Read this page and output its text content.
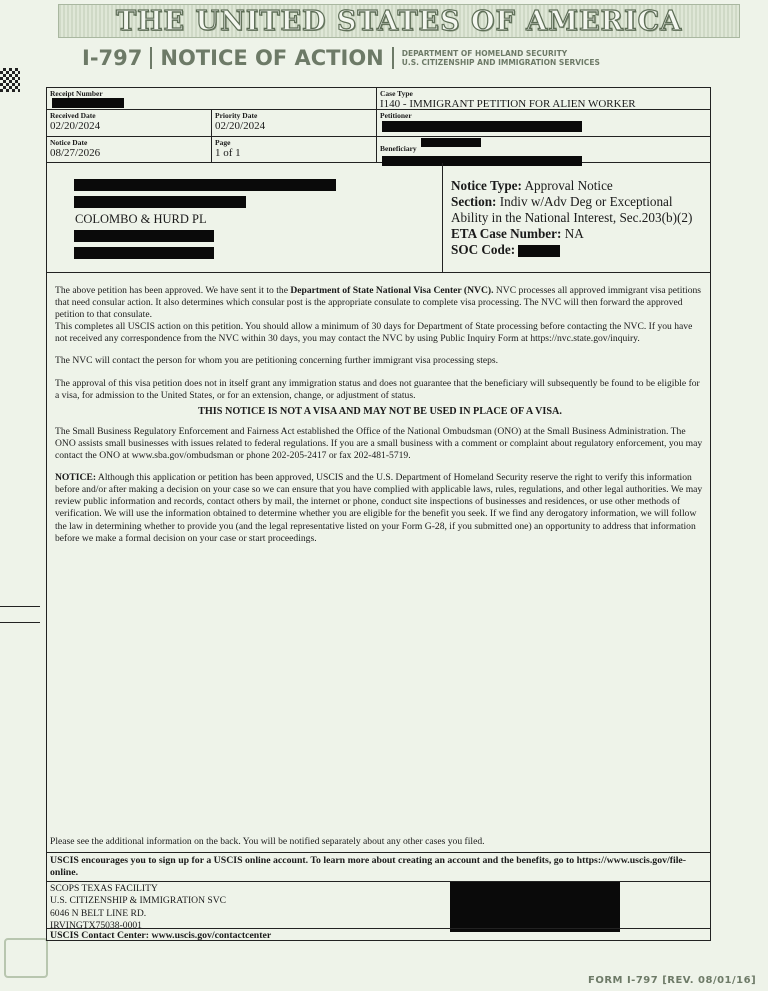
THE UNITED STATES OF AMERICA
I-797 NOTICE OF ACTION DEPARTMENT OF HOMELAND SECURITY
U.S. CITIZENSHIP AND IMMIGRATION SERVICES
Receipt Number	Case Type
I140 - IMMIGRANT PETITION FOR ALIEN WORKER
Received Date
02/20/2024
Priority Date
02/20/2024
Petitioner
Notice Date
08/27/2026
Page
1 of 1	Beneficiary
COLOMBO & HURD PL
Notice Type: Approval Notice
Section: Indiv w/Adv Deg or Exceptional
Ability in the National Interest, Sec.203(b)(2)
ETA Case Number: NA
SOC Code:

The above petition has been approved. We have sent it to the Department of State National Visa Center (NVC). NVC processes all approved immigrant visa petitions that need consular action. It also determines which consular post is the appropriate consulate to complete visa processing. The NVC will then forward the approved petition to that consulate.

This completes all USCIS action on this petition. You should allow a minimum of 30 days for Department of State processing before contacting the NVC. If you have not received any correspondence from the NVC within 30 days, you may contact the NVC by using Public Inquiry Form at https://nvc.state.gov/inquiry.

The NVC will contact the person for whom you are petitioning concerning further immigrant visa processing steps.

The approval of this visa petition does not in itself grant any immigration status and does not guarantee that the beneficiary will subsequently be found to be eligible for a visa, for admission to the United States, or for an extension, change, or adjustment of status.

THIS NOTICE IS NOT A VISA AND MAY NOT BE USED IN PLACE OF A VISA.

The Small Business Regulatory Enforcement and Fairness Act established the Office of the National Ombudsman (ONO) at the Small Business Administration. The ONO assists small businesses with issues related to federal regulations. If you are a small business with a comment or complaint about regulatory enforcement, you may contact the ONO at www.sba.gov/ombudsman or phone 202-205-2417 or fax 202-481-5719.

NOTICE: Although this application or petition has been approved, USCIS and the U.S. Department of Homeland Security reserve the right to verify this information before and/or after making a decision on your case so we can ensure that you have complied with applicable laws, rules, regulations, and other legal authorities. We may review public information and records, contact others by mail, the internet or phone, conduct site inspections of businesses and residences, or use other methods of verification. We will use the information obtained to determine whether you are eligible for the benefit you seek. If we find any derogatory information, we will follow the law in determining whether to provide you (and the legal representative listed on your Form G-28, if you submitted one) an opportunity to address that information before we make a formal decision on your case or start proceedings.

Please see the additional information on the back. You will be notified separately about any other cases you filed.
USCIS encourages you to sign up for a USCIS online account. To learn more about creating an account and the benefits, go to https://www.uscis.gov/file-online.
SCOPS TEXAS FACILITY
U.S. CITIZENSHIP & IMMIGRATION SVC
6046 N BELT LINE RD.
IRVINGTX75038-0001
USCIS Contact Center: www.uscis.gov/contactcenter
FORM I-797 [REV. 08/01/16]
